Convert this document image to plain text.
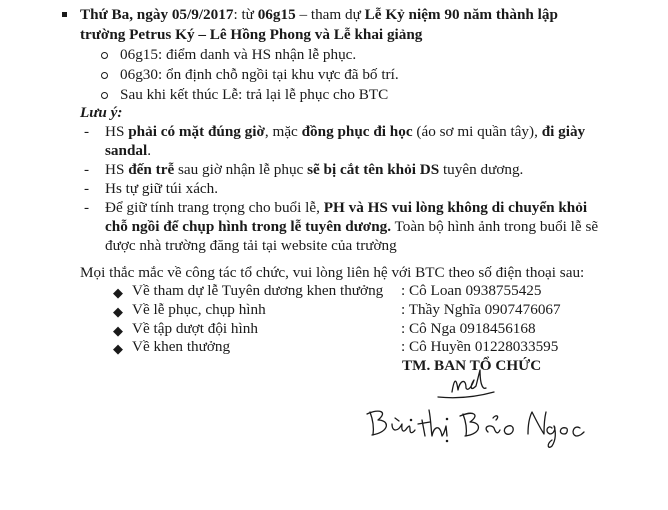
Thứ Ba, ngày 05/9/2017: từ 06g15 – tham dự Lễ Kỷ niệm 90 năm thành lập
trường Petrus Ký – Lê Hồng Phong và Lễ khai giảng
06g15: điểm danh và HS nhận lễ phục.
06g30: ổn định chỗ ngồi tại khu vực đã bố trí.
Sau khi kết thúc Lễ: trả lại lễ phục cho BTC
Lưu ý:
- HS phải có mặt đúng giờ, mặc đồng phục đi học (áo sơ mi quần tây), đi giày
sandal.
- HS đến trễ sau giờ nhận lễ phục sẽ bị cắt tên khỏi DS tuyên dương.
- Hs tự giữ túi xách.
- Để giữ tính trang trọng cho buổi lễ, PH và HS vui lòng không di chuyển khỏi
chỗ ngồi để chụp hình trong lễ tuyên dương. Toàn bộ hình ảnh trong buổi lễ sẽ
được nhà trường đăng tải tại website của trường
Mọi thắc mắc về công tác tổ chức, vui lòng liên hệ với BTC theo số điện thoại sau:
◆ Về tham dự lễ Tuyên dương khen thưởng : Cô Loan 0938755425
◆ Về lễ phục, chụp hình	: Thầy Nghĩa 0907476067
◆ Về tập dượt đội hình	: Cô Nga 0918456168
◆ Về khen thưởng	: Cô Huyền 01228033595
TM. BAN TỔ CHỨC
